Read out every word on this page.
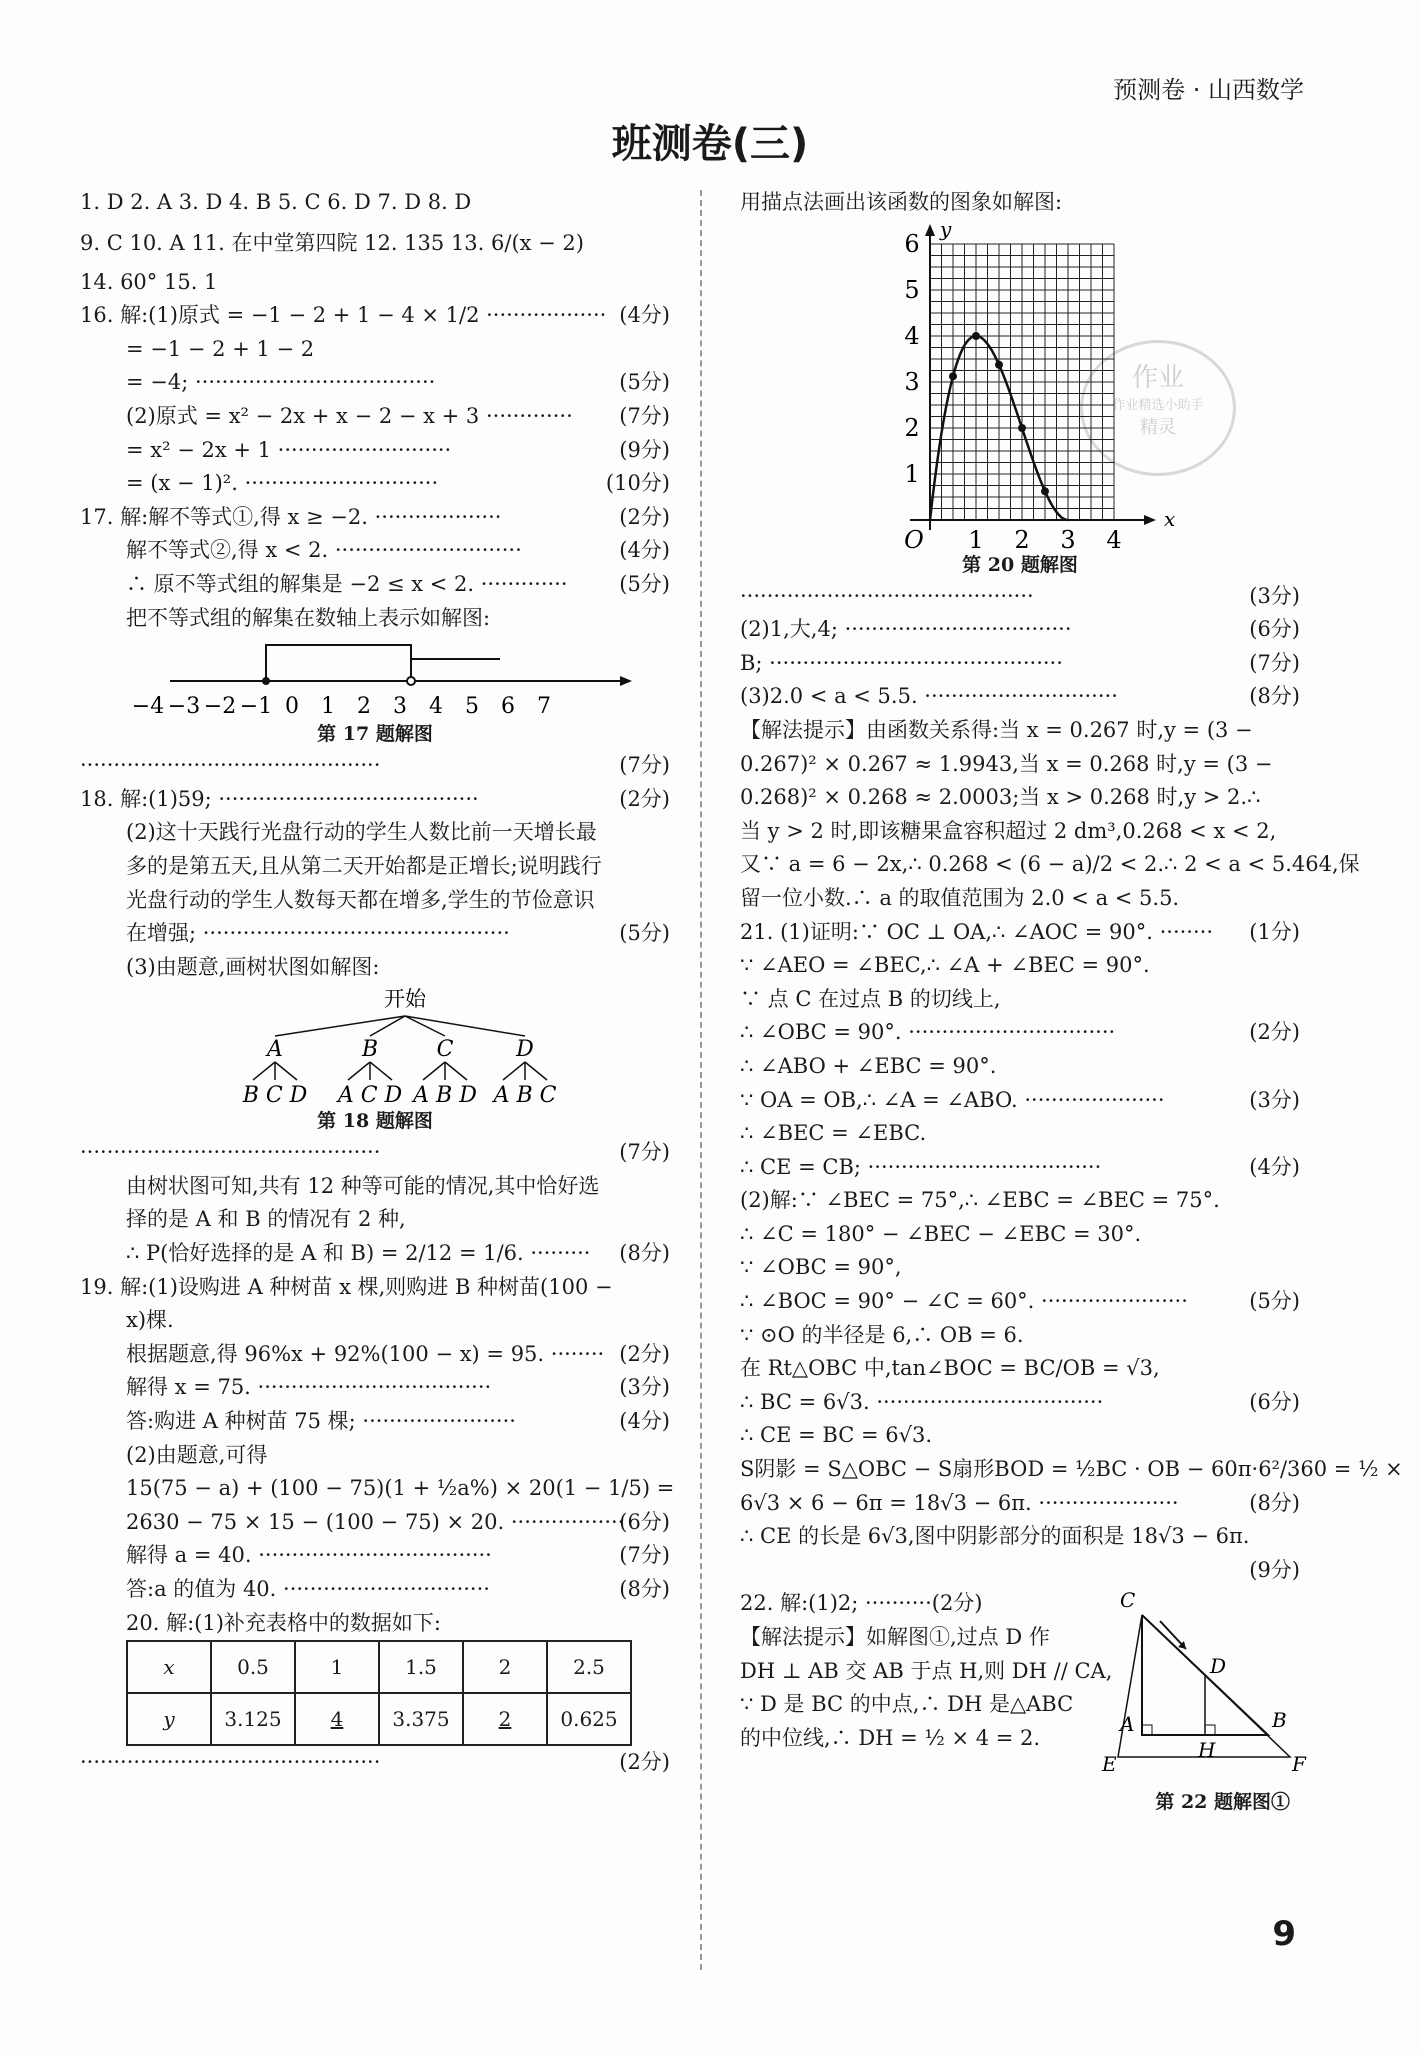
预测卷 · 山西数学
班测卷(三)
作业
作业精选小助手
精灵
1. D 2. A 3. D 4. B 5. C 6. D 7. D 8. D
9. C 10. A 11. 在中堂第四院 12. 135 13. 6/(x − 2)
14. 60° 15. 1
16. 解:(1)原式 = −1 − 2 + 1 − 4 × 1/2 ·················· (4分)
= −1 − 2 + 1 − 2
= −4; ····································	(5分)
(2)原式 = x² − 2x + x − 2 − x + 3 ············· (7分)
= x² − 2x + 1 ··························	(9分)
= (x − 1)². ·····························	(10分)
17. 解:解不等式①,得 x ≥ −2. ···················	(2分)
解不等式②,得 x < 2. ····························	(4分)
∴ 原不等式组的解集是 −2 ≤ x < 2. ············· (5分)
把不等式组的解集在数轴上表示如解图:
−4 −3 −2 −1 0 1 2 3 4 5 6 7
第 17 题解图
·············································	(7分)
18. 解:(1)59; ·······································	(2分)
(2)这十天践行光盘行动的学生人数比前一天增长最
多的是第五天,且从第二天开始都是正增长;说明践行
光盘行动的学生人数每天都在增多,学生的节俭意识
在增强; ··············································	(5分)
(3)由题意,画树状图如解图:
开始
A
B C D
B
A C D
C
A B D
D
A B C
第 18 题解图
·············································	(7分)
由树状图可知,共有 12 种等可能的情况,其中恰好选
择的是 A 和 B 的情况有 2 种,
∴ P(恰好选择的是 A 和 B) = 2/12 = 1/6. ········· (8分)
19. 解:(1)设购进 A 种树苗 x 棵,则购进 B 种树苗(100 −
x)棵.
根据题意,得 96%x + 92%(100 − x) = 95. ········ (2分)
解得 x = 75. ···································	(3分)
答:购进 A 种树苗 75 棵; ·······················	(4分)
(2)由题意,可得
15(75 − a) + (100 − 75)(1 + ½a%) × 20(1 − 1/5) =
2630 − 75 × 15 − (100 − 75) × 20. ·················
(6分)
解得 a = 40. ···································	(7分)
答:a 的值为 40. ·······························	(8分)
20. 解:(1)补充表格中的数据如下:
x	0.5	1	1.5	2	2.5
y	3.125	4	3.375	2	0.625
·············································	(2分)
用描点法画出该函数的图象如解图:
1
2
3
4
5
6
1 2 3 4
O
x
y
第 20 题解图
············································	(3分)
(2)1,大,4; ··································	(6分)
B; ············································	(7分)
(3)2.0 < a < 5.5. ·····························	(8分)
【解法提示】由函数关系得:当 x = 0.267 时,y = (3 −
0.267)² × 0.267 ≈ 1.9943,当 x = 0.268 时,y = (3 −
0.268)² × 0.268 ≈ 2.0003;当 x > 0.268 时,y > 2.∴
当 y > 2 时,即该糖果盒容积超过 2 dm³,0.268 < x < 2,
又∵ a = 6 − 2x,∴ 0.268 < (6 − a)/2 < 2.∴ 2 < a < 5.464,保
留一位小数.∴ a 的取值范围为 2.0 < a < 5.5.
21. (1)证明:∵ OC ⊥ OA,∴ ∠AOC = 90°. ········ (1分)
∵ ∠AEO = ∠BEC,∴ ∠A + ∠BEC = 90°.
∵ 点 C 在过点 B 的切线上,
∴ ∠OBC = 90°. ·······························	(2分)
∴ ∠ABO + ∠EBC = 90°.
∵ OA = OB,∴ ∠A = ∠ABO. ·····················	(3分)
∴ ∠BEC = ∠EBC.
∴ CE = CB; ···································	(4分)
(2)解:∵ ∠BEC = 75°,∴ ∠EBC = ∠BEC = 75°.
∴ ∠C = 180° − ∠BEC − ∠EBC = 30°.
∵ ∠OBC = 90°,
∴ ∠BOC = 90° − ∠C = 60°. ······················	(5分)
∵ ⊙O 的半径是 6,∴ OB = 6.
在 Rt△OBC 中,tan∠BOC = BC/OB = √3,
∴ BC = 6√3. ··································	(6分)
∴ CE = BC = 6√3.
S阴影 = S△OBC − S扇形BOD = ½BC · OB − 60π·6²/360 = ½ ×
6√3 × 6 − 6π = 18√3 − 6π. ·····················	(8分)
∴ CE 的长是 6√3,图中阴影部分的面积是 18√3 − 6π.
(9分)
22. 解:(1)2; ··········(2分)
【解法提示】如解图①,过点 D 作
DH ⊥ AB 交 AB 于点 H,则 DH // CA,
∵ D 是 BC 的中点,∴ DH 是△ABC
的中位线,∴ DH = ½ × 4 = 2.
C
D
A	B
H
E	F
第 22 题解图①
9
